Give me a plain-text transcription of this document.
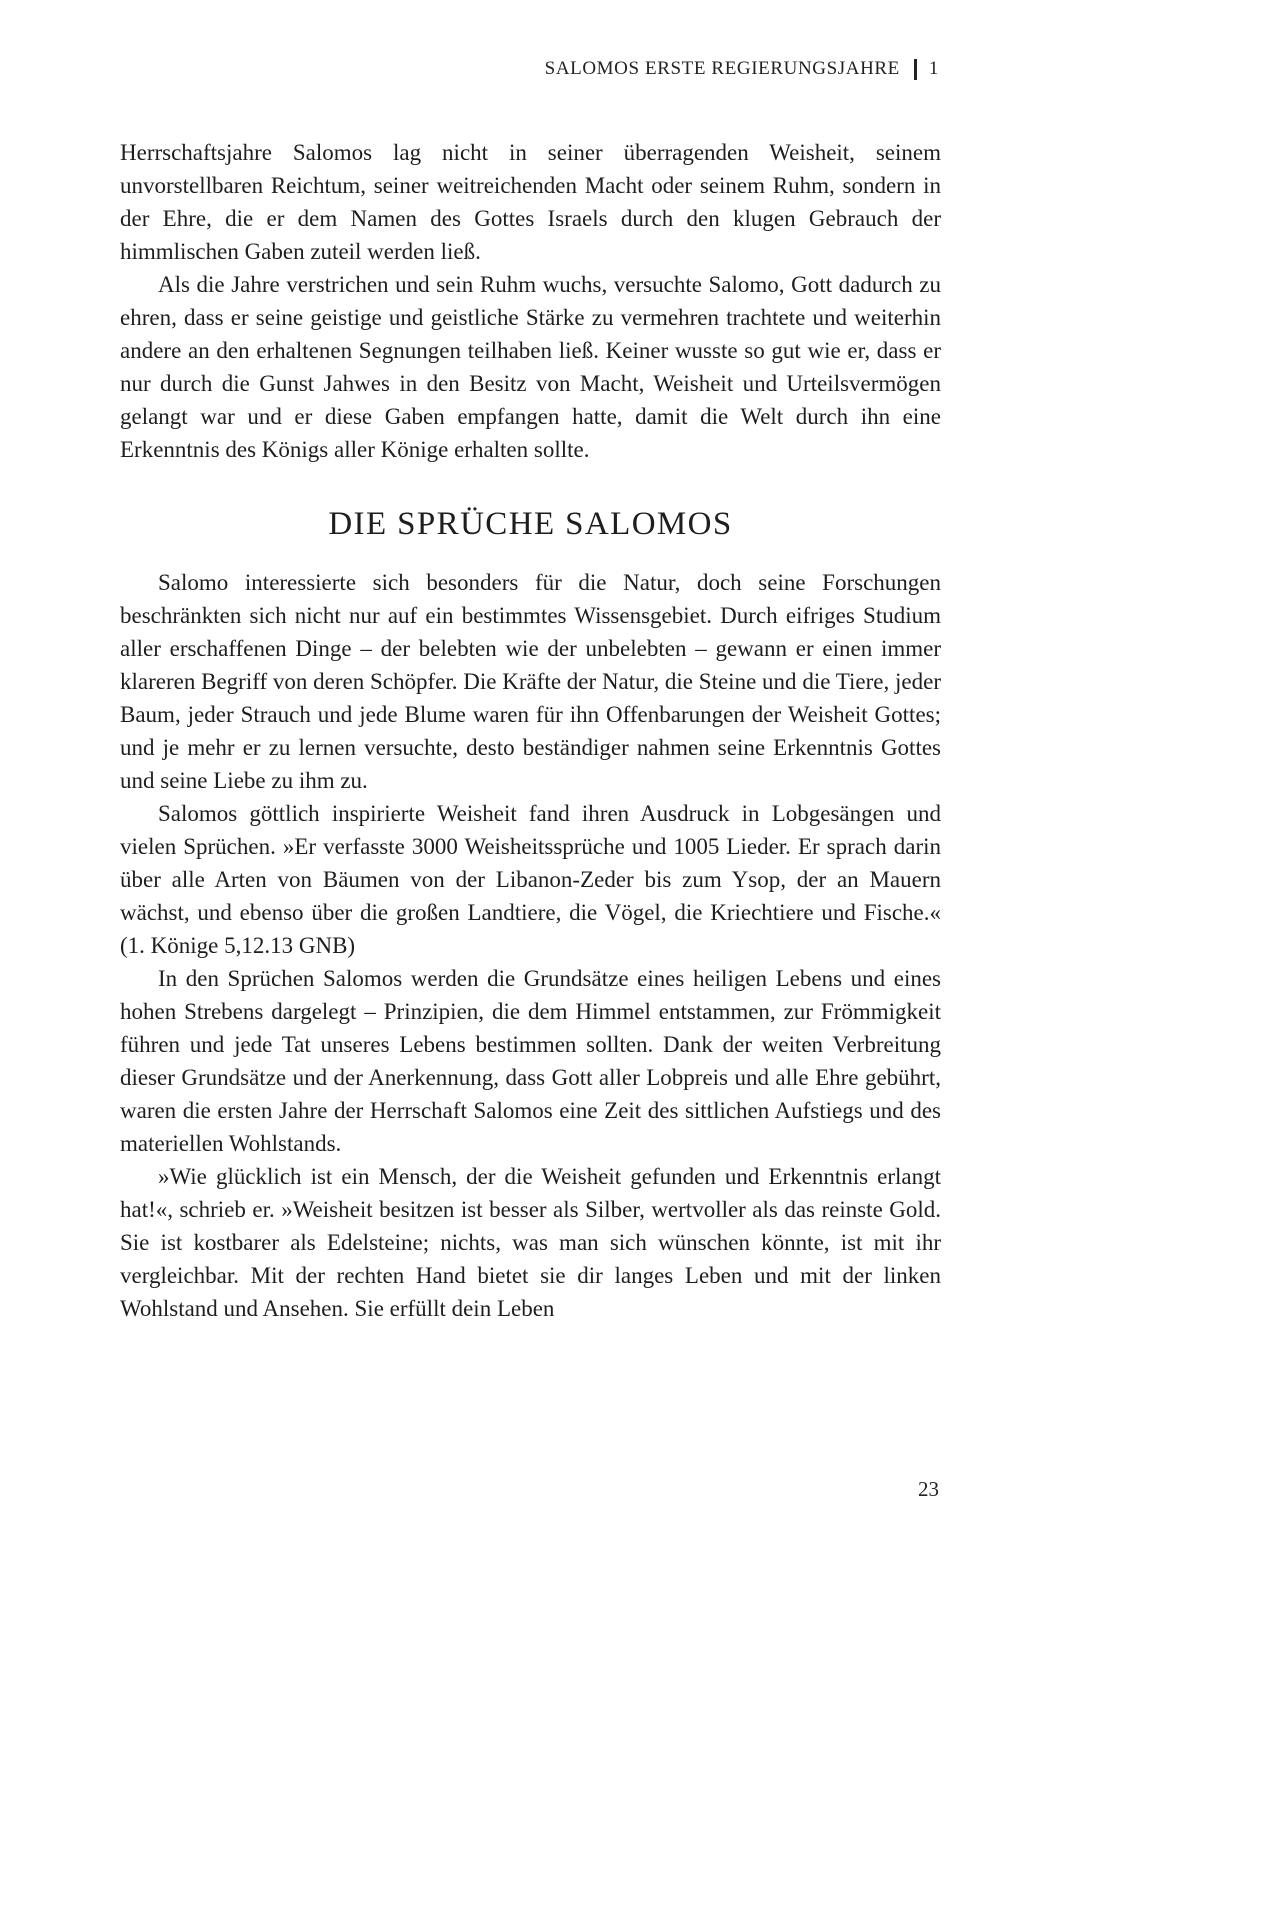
SALOMOS ERSTE REGIERUNGSJAHRE 1

Herrschaftsjahre Salomos lag nicht in seiner überragenden Weisheit, seinem unvorstellbaren Reichtum, seiner weitreichenden Macht oder seinem Ruhm, sondern in der Ehre, die er dem Namen des Gottes Israels durch den klugen Gebrauch der himmlischen Gaben zuteil werden ließ.

Als die Jahre verstrichen und sein Ruhm wuchs, versuchte Salomo, Gott dadurch zu ehren, dass er seine geistige und geistliche Stärke zu vermehren trachtete und weiterhin andere an den erhaltenen Segnungen teilhaben ließ. Keiner wusste so gut wie er, dass er nur durch die Gunst Jahwes in den Besitz von Macht, Weisheit und Urteilsvermögen gelangt war und er diese Gaben empfangen hatte, damit die Welt durch ihn eine Erkenntnis des Königs aller Könige erhalten sollte.

DIE SPRÜCHE SALOMOS

Salomo interessierte sich besonders für die Natur, doch seine Forschungen beschränkten sich nicht nur auf ein bestimmtes Wissensgebiet. Durch eifriges Studium aller erschaffenen Dinge – der belebten wie der unbelebten – gewann er einen immer klareren Begriff von deren Schöpfer. Die Kräfte der Natur, die Steine und die Tiere, jeder Baum, jeder Strauch und jede Blume waren für ihn Offenbarungen der Weisheit Gottes; und je mehr er zu lernen versuchte, desto beständiger nahmen seine Erkenntnis Gottes und seine Liebe zu ihm zu.

Salomos göttlich inspirierte Weisheit fand ihren Ausdruck in Lobgesängen und vielen Sprüchen. »Er verfasste 3000 Weisheitssprüche und 1005 Lieder. Er sprach darin über alle Arten von Bäumen von der Libanon-Zeder bis zum Ysop, der an Mauern wächst, und ebenso über die großen Landtiere, die Vögel, die Kriechtiere und Fische.« (1. Könige 5,12.13 GNB)

In den Sprüchen Salomos werden die Grundsätze eines heiligen Lebens und eines hohen Strebens dargelegt – Prinzipien, die dem Himmel entstammen, zur Frömmigkeit führen und jede Tat unseres Lebens bestimmen sollten. Dank der weiten Verbreitung dieser Grundsätze und der Anerkennung, dass Gott aller Lobpreis und alle Ehre gebührt, waren die ersten Jahre der Herrschaft Salomos eine Zeit des sittlichen Aufstiegs und des materiellen Wohlstands.

»Wie glücklich ist ein Mensch, der die Weisheit gefunden und Erkenntnis erlangt hat!«, schrieb er. »Weisheit besitzen ist besser als Silber, wertvoller als das reinste Gold. Sie ist kostbarer als Edelsteine; nichts, was man sich wünschen könnte, ist mit ihr vergleichbar. Mit der rechten Hand bietet sie dir langes Leben und mit der linken Wohlstand und Ansehen. Sie erfüllt dein Leben

23
